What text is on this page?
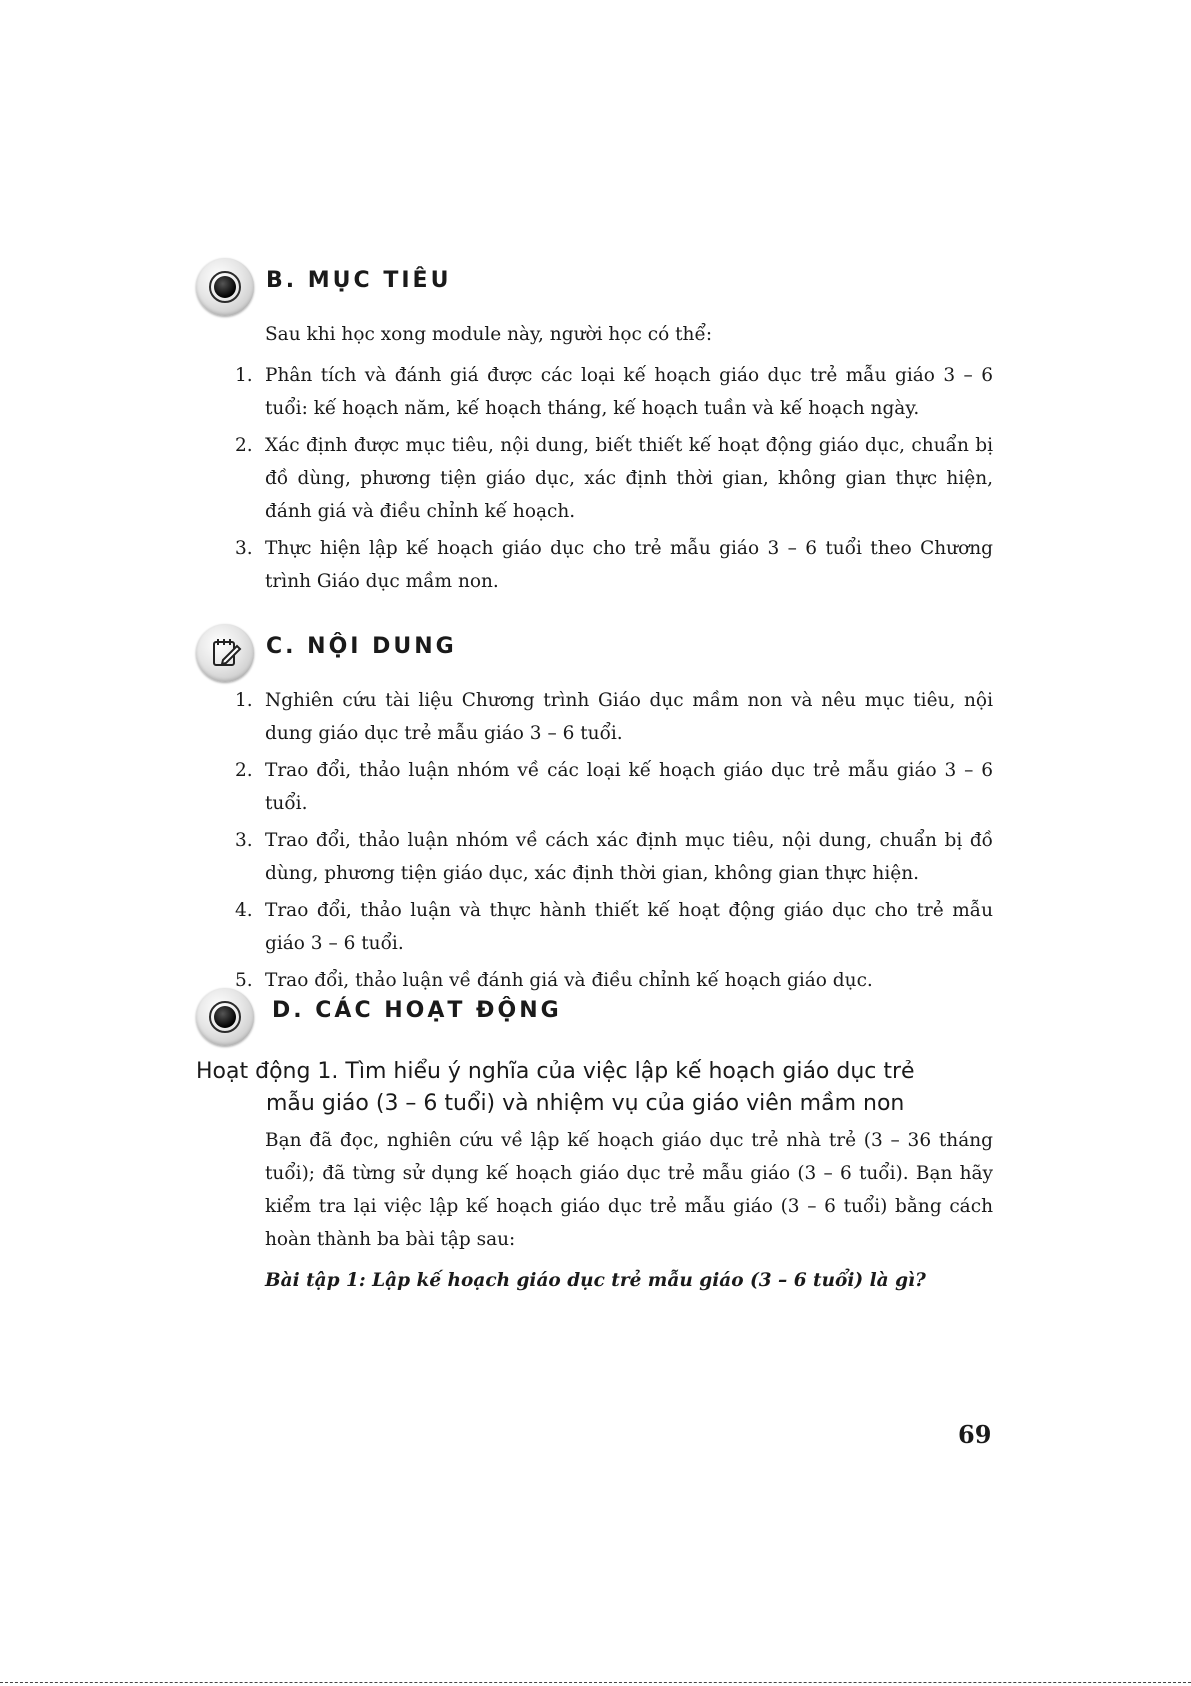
B. MỤC TIÊU

Sau khi học xong module này, người học có thể:

1. Phân tích và đánh giá được các loại kế hoạch giáo dục trẻ mẫu giáo 3 – 6 tuổi: kế hoạch năm, kế hoạch tháng, kế hoạch tuần và kế hoạch ngày.
2. Xác định được mục tiêu, nội dung, biết thiết kế hoạt động giáo dục, chuẩn bị đồ dùng, phương tiện giáo dục, xác định thời gian, không gian thực hiện, đánh giá và điều chỉnh kế hoạch.
3. Thực hiện lập kế hoạch giáo dục cho trẻ mẫu giáo 3 – 6 tuổi theo Chương trình Giáo dục mầm non.
C. NỘI DUNG
1. Nghiên cứu tài liệu Chương trình Giáo dục mầm non và nêu mục tiêu, nội dung giáo dục trẻ mẫu giáo 3 – 6 tuổi.
2. Trao đổi, thảo luận nhóm về các loại kế hoạch giáo dục trẻ mẫu giáo 3 – 6 tuổi.
3. Trao đổi, thảo luận nhóm về cách xác định mục tiêu, nội dung, chuẩn bị đồ dùng, phương tiện giáo dục, xác định thời gian, không gian thực hiện.
4. Trao đổi, thảo luận và thực hành thiết kế hoạt động giáo dục cho trẻ mẫu giáo 3 – 6 tuổi.
5. Trao đổi, thảo luận về đánh giá và điều chỉnh kế hoạch giáo dục.
D. CÁC HOẠT ĐỘNG
Hoạt động 1. Tìm hiểu ý nghĩa của việc lập kế hoạch giáo dục trẻ
mẫu giáo (3 – 6 tuổi) và nhiệm vụ của giáo viên mầm non

Bạn đã đọc, nghiên cứu về lập kế hoạch giáo dục trẻ nhà trẻ (3 – 36 tháng tuổi); đã từng sử dụng kế hoạch giáo dục trẻ mẫu giáo (3 – 6 tuổi). Bạn hãy kiểm tra lại việc lập kế hoạch giáo dục trẻ mẫu giáo (3 – 6 tuổi) bằng cách hoàn thành ba bài tập sau:

Bài tập 1: Lập kế hoạch giáo dục trẻ mẫu giáo (3 – 6 tuổi) là gì?

69
